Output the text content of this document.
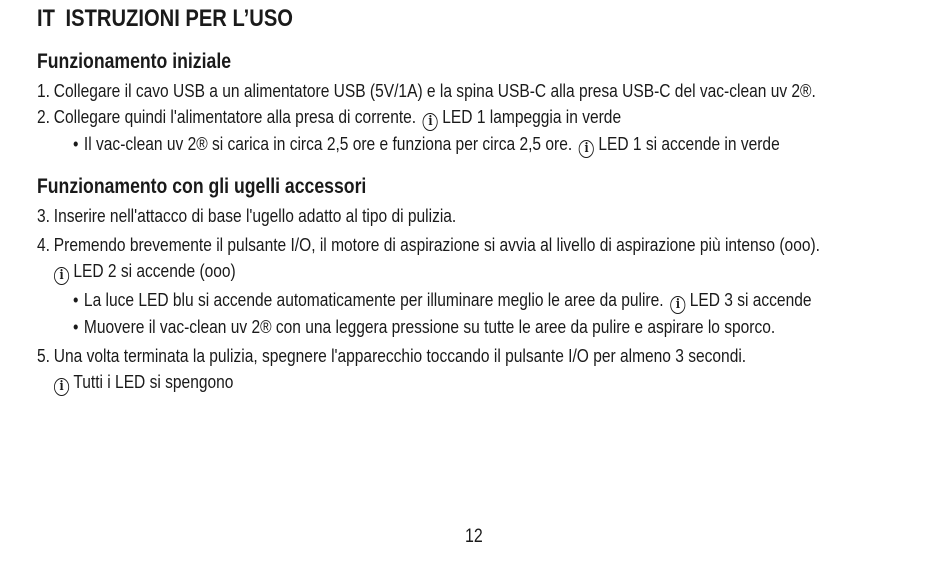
IT ISTRUZIONI PER L’USO
Funzionamento iniziale
1. Collegare il cavo USB a un alimentatore USB (5V/1A) e la spina USB-C alla presa USB-C del vac-clean uv 2®.
2. Collegare quindi l'alimentatore alla presa di corrente. i LED 1 lampeggia in verde
• Il vac-clean uv 2® si carica in circa 2,5 ore e funziona per circa 2,5 ore. i LED 1 si accende in verde
Funzionamento con gli ugelli accessori
3. Inserire nell'attacco di base l'ugello adatto al tipo di pulizia.
4. Premendo brevemente il pulsante I/O, il motore di aspirazione si avvia al livello di aspirazione più intenso (ooo).
i LED 2 si accende (ooo)
• La luce LED blu si accende automaticamente per illuminare meglio le aree da pulire. i LED 3 si accende
• Muovere il vac-clean uv 2® con una leggera pressione su tutte le aree da pulire e aspirare lo sporco.
5. Una volta terminata la pulizia, spegnere l'apparecchio toccando il pulsante I/O per almeno 3 secondi.
i Tutti i LED si spengono
12
